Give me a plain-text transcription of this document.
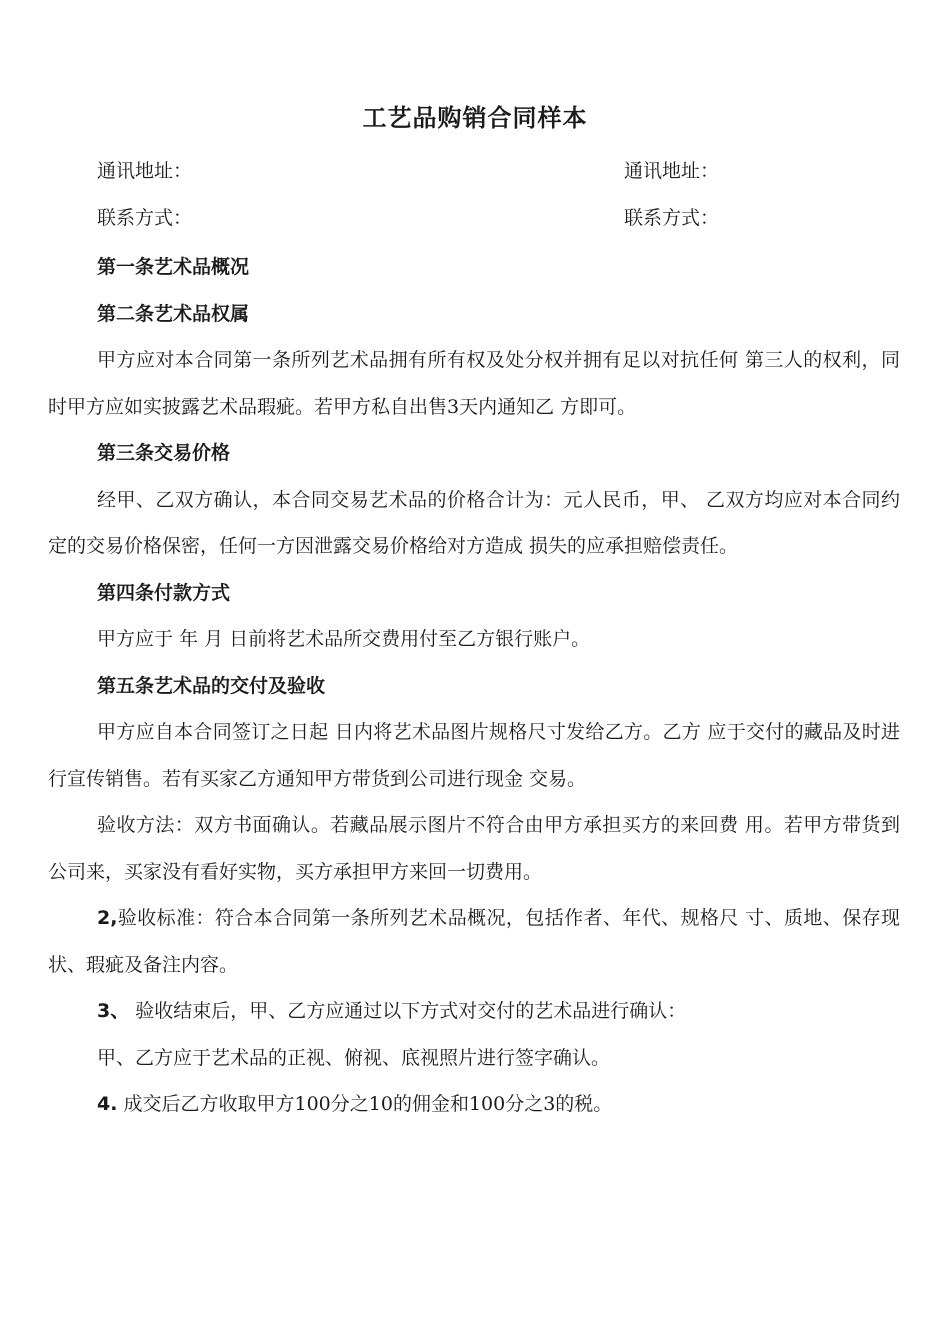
工艺品购销合同样本
通讯地址：	通讯地址：
联系方式：	联系方式：
第一条艺术品概况
第二条艺术品权属

甲方应对本合同第一条所列艺术品拥有所有权及处分权并拥有足以对抗任何 第三人的权利，同时甲方应如实披露艺术品瑕疵。若甲方私自出售3天内通知乙 方即可。

第三条交易价格

经甲、乙双方确认，本合同交易艺术品的价格合计为：元人民币，甲、 乙双方均应对本合同约定的交易价格保密，任何一方因泄露交易价格给对方造成 损失的应承担赔偿责任。

第四条付款方式

甲方应于 年 月 日前将艺术品所交费用付至乙方银行账户。

第五条艺术品的交付及验收

甲方应自本合同签订之日起 日内将艺术品图片规格尺寸发给乙方。乙方 应于交付的藏品及时进行宣传销售。若有买家乙方通知甲方带货到公司进行现金 交易。

验收方法：双方书面确认。若藏品展示图片不符合由甲方承担买方的来回费 用。若甲方带货到公司来，买家没有看好实物，买方承担甲方来回一切费用。

2,验收标准：符合本合同第一条所列艺术品概况，包括作者、年代、规格尺 寸、质地、保存现状、瑕疵及备注内容。

3、 验收结束后，甲、乙方应通过以下方式对交付的艺术品进行确认：

甲、乙方应于艺术品的正视、俯视、底视照片进行签字确认。

4. 成交后乙方收取甲方100分之10的佣金和100分之3的税。
